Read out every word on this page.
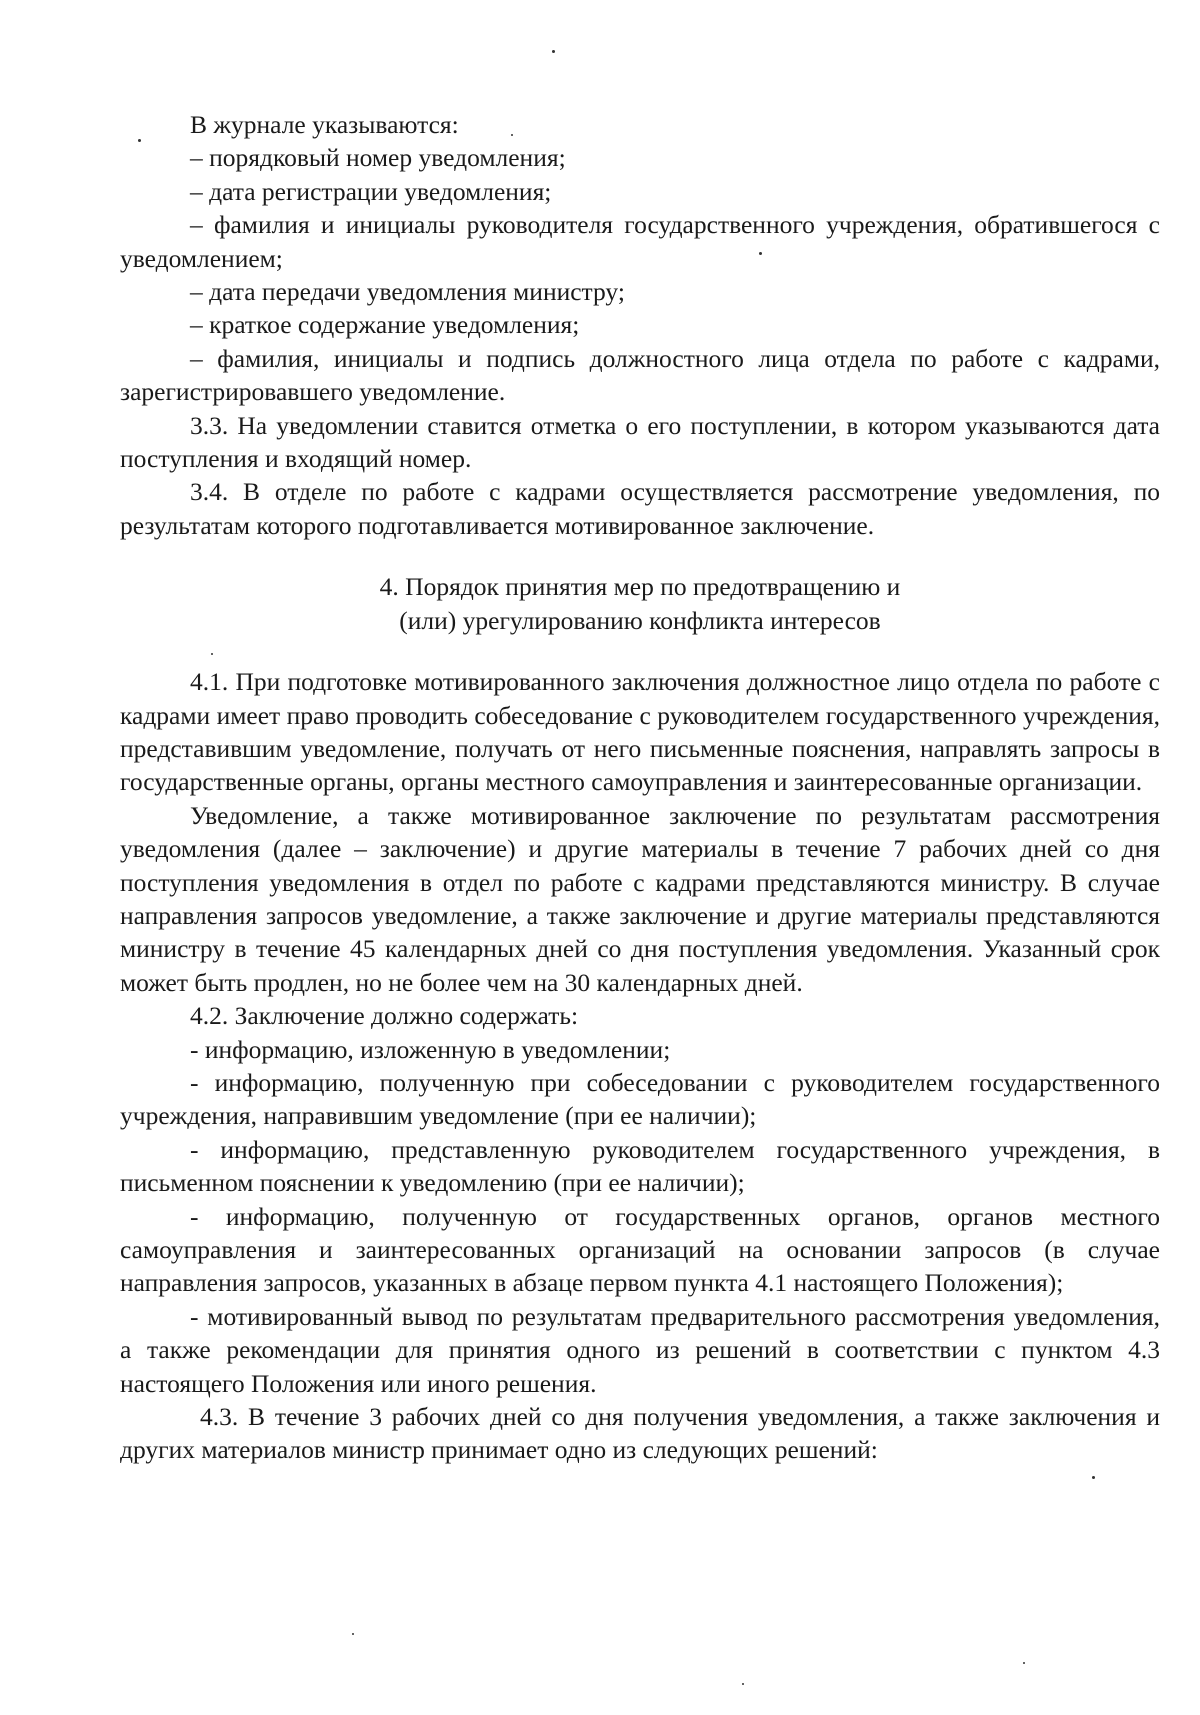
В журнале указываются:

– порядковый номер уведомления;

– дата регистрации уведомления;

– фамилия и инициалы руководителя государственного учреждения, обратившегося с уведомлением;

– дата передачи уведомления министру;

– краткое содержание уведомления;

– фамилия, инициалы и подпись должностного лица отдела по работе с кадрами, зарегистрировавшего уведомление.

3.3. На уведомлении ставится отметка о его поступлении, в котором указываются дата поступления и входящий номер.

3.4. В отделе по работе с кадрами осуществляется рассмотрение уведомления, по результатам которого подготавливается мотивированное заключение.

4. Порядок принятия мер по предотвращению и

(или) урегулированию конфликта интересов

4.1. При подготовке мотивированного заключения должностное лицо отдела по работе с кадрами имеет право проводить собеседование с руководителем государственного учреждения, представившим уведомление, получать от него письменные пояснения, направлять запросы в государственные органы, органы местного самоуправления и заинтересованные организации.

Уведомление, а также мотивированное заключение по результатам рассмотрения уведомления (далее – заключение) и другие материалы в течение 7 рабочих дней со дня поступления уведомления в отдел по работе с кадрами представляются министру. В случае направления запросов уведомление, а также заключение и другие материалы представляются министру в течение 45 календарных дней со дня поступления уведомления. Указанный срок может быть продлен, но не более чем на 30 календарных дней.

4.2. Заключение должно содержать:

- информацию, изложенную в уведомлении;

- информацию, полученную при собеседовании с руководителем государственного учреждения, направившим уведомление (при ее наличии);

- информацию, представленную руководителем государственного учреждения, в письменном пояснении к уведомлению (при ее наличии);

- информацию, полученную от государственных органов, органов местного самоуправления и заинтересованных организаций на основании запросов (в случае направления запросов, указанных в абзаце первом пункта 4.1 настоящего Положения);

- мотивированный вывод по результатам предварительного рассмотрения уведомления, а также рекомендации для принятия одного из решений в соответствии с пунктом 4.3 настоящего Положения или иного решения.

4.3. В течение 3 рабочих дней со дня получения уведомления, а также заключения и других материалов министр принимает одно из следующих решений:
